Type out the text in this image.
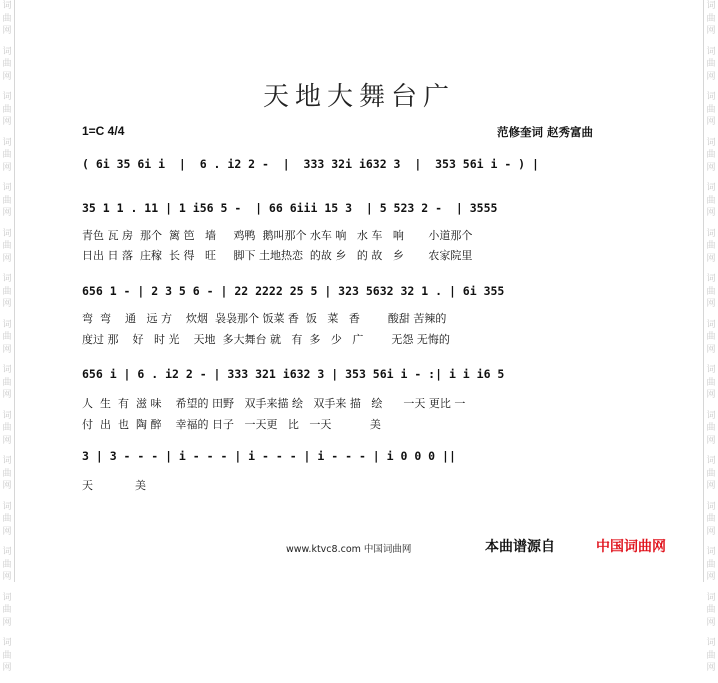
词
曲
网
词
曲
网
词
曲
网
词
曲
网
词
曲
网
词
曲
网
词
曲
网
词
曲
网
词
曲
网
词
曲
网
词
曲
网
词
曲
网
词
曲
网
词
曲
网
词
曲
网
词
曲
网
词
曲
网
词
曲
网
词
曲
网
词
曲
网
词
曲
网
词
曲
网
词
曲
网
词
曲
网
词
曲
网
词
曲
网
词
曲
网
词
曲
网
词
曲
网
词
曲
网
天地大舞台广
1=C 4/4	范修奎词 赵秀富曲
( 6i 35 6i i  |  6 . i2 2 -  |  333 32i i632 3  |  353 56i i - ) |
35 1 1 . 11 | 1 i56 5 -  | 66 6iii 15 3  | 5 523 2 -  | 3555
青色 瓦 房  那个  篱 笆   墙     鸡鸭  鹅叫那个 水车 响   水 车   响       小道那个
日出 日 落  庄稼  长 得   旺     脚下 土地热恋  的故 乡   的 故   乡       农家院里
656 1 - | 2 3 5 6 - | 22 2222 25 5 | 323 5632 32 1 . | 6i 355
弯  弯    通   远 方    炊烟  袅袅那个 饭菜 香  饭   菜   香        酸甜 苦辣的
度过 那    好   时 光    天地  多大舞台 就   有  多   少   广        无怨 无悔的
656 i | 6 . i2 2 - | 333 321 i632 3 | 353 56i i - :| i i i6 5
人  生  有  滋 味    希望的 田野   双手来描 绘   双手来 描   绘      一天 更比 一
付  出  也  陶 醉    幸福的 日子   一天更   比   一天           美
3 | 3 - - - | i - - - | i - - - | i - - - | i 0 0 0 ||
天            美
www.ktvc8.com 中国词曲网	本曲谱源自	中国词曲网
